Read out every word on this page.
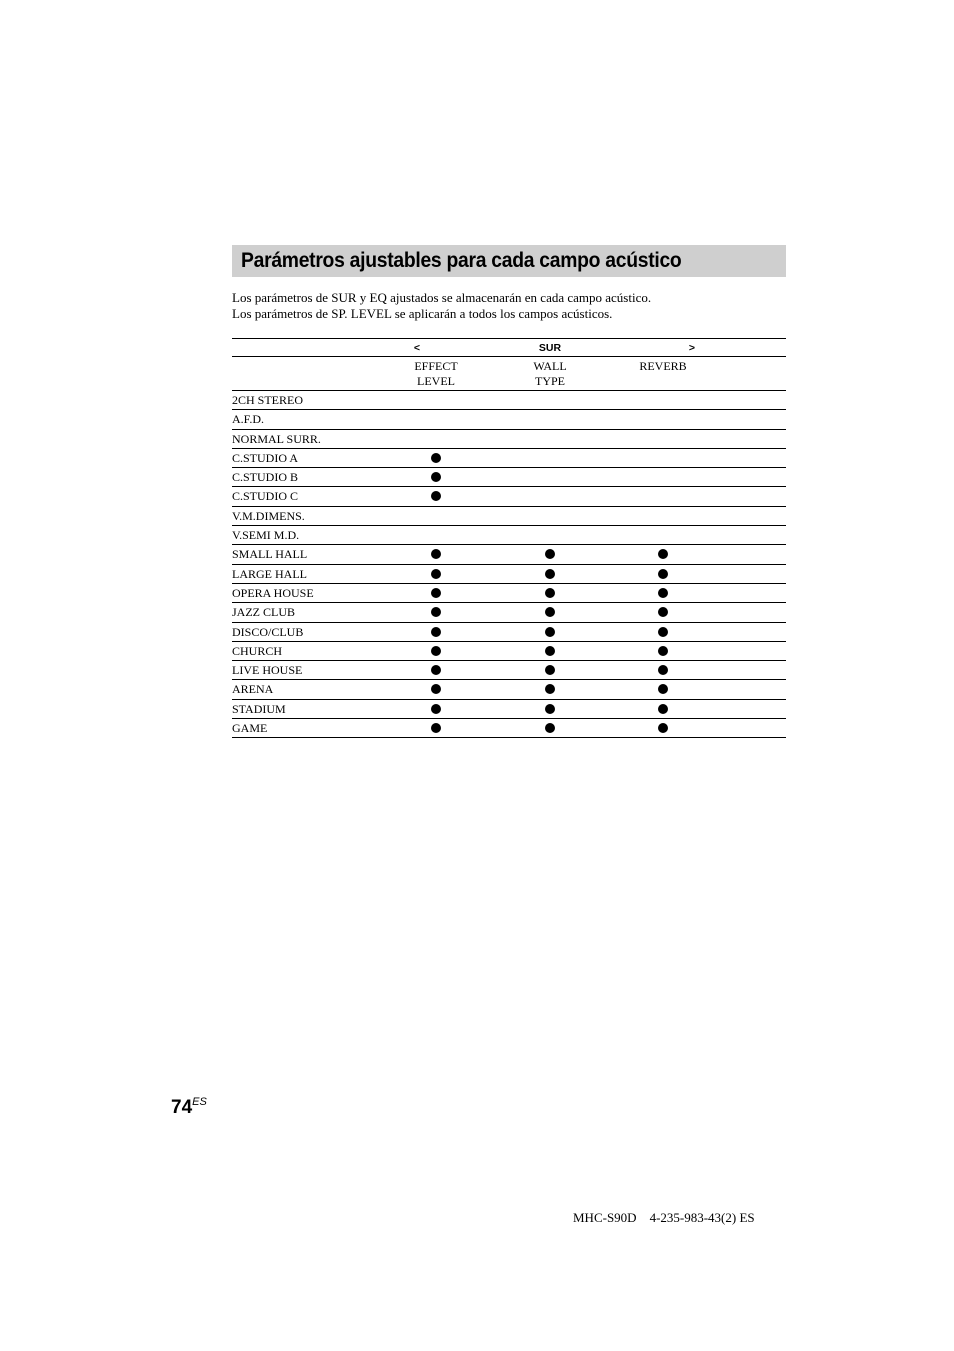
Parámetros ajustables para cada campo acústico

Los parámetros de SUR y EQ ajustados se almacenarán en cada campo acústico.

Los parámetros de SP. LEVEL se aplicarán a todos los campos acústicos.

<	SUR	>
EFFECT
LEVEL
WALL
TYPE
REVERB
2CH STEREO
A.F.D.
NORMAL SURR.
C.STUDIO A
C.STUDIO B
C.STUDIO C
V.M.DIMENS.
V.SEMI M.D.
SMALL HALL
LARGE HALL
OPERA HOUSE
JAZZ CLUB
DISCO/CLUB
CHURCH
LIVE HOUSE
ARENA
STADIUM
GAME
$74^{ES}$
MHC-S90D    4-235-983-43(2) ES
